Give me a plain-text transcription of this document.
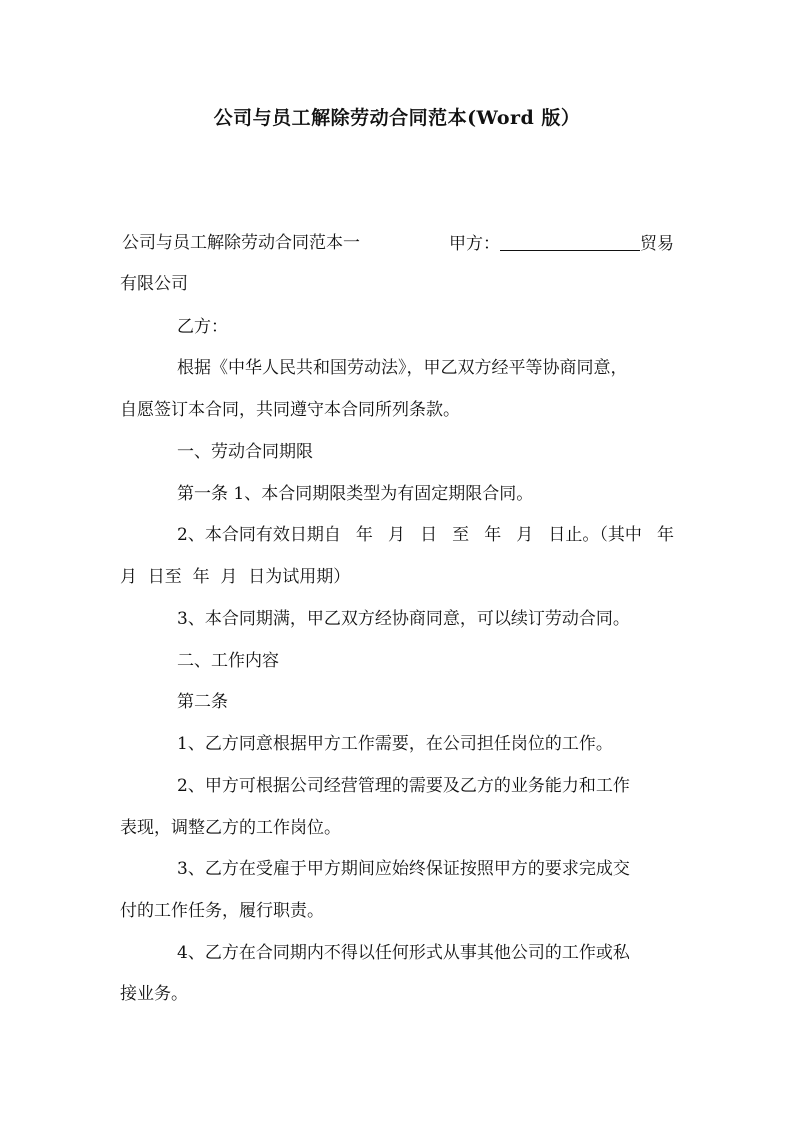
公司与员工解除劳动合同范本(Word 版）
公司与员工解除劳动合同范本一	甲方：	贸易
有限公司
乙方：
根据《中华人民共和国劳动法》，甲乙双方经平等协商同意，
自愿签订本合同，共同遵守本合同所列条款。
一、劳动合同期限
第一条 1、本合同期限类型为有固定期限合同。
2、本合同有效日期自 年 月 日 至 年 月 日止。（其中 年
月  日至  年  月  日为试用期）
3、本合同期满，甲乙双方经协商同意，可以续订劳动合同。
二、工作内容
第二条
1、乙方同意根据甲方工作需要，在公司担任岗位的工作。
2、甲方可根据公司经营管理的需要及乙方的业务能力和工作
表现，调整乙方的工作岗位。
3、乙方在受雇于甲方期间应始终保证按照甲方的要求完成交
付的工作任务，履行职责。
4、乙方在合同期内不得以任何形式从事其他公司的工作或私
接业务。
